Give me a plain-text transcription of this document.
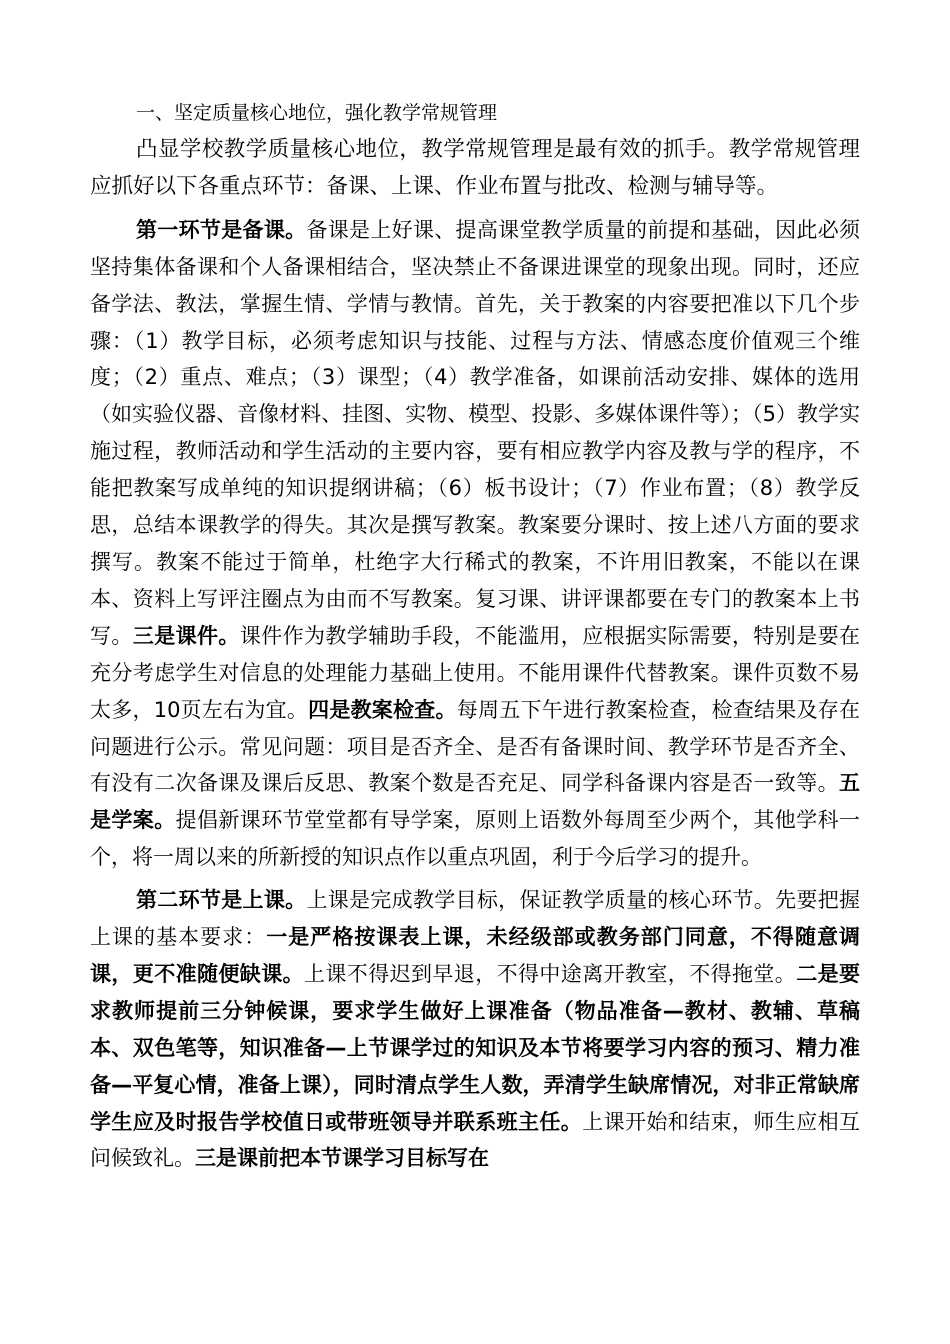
一、坚定质量核心地位，强化教学常规管理

凸显学校教学质量核心地位，教学常规管理是最有效的抓手。教学常规管理应抓好以下各重点环节：备课、上课、作业布置与批改、检测与辅导等。

第一环节是备课。备课是上好课、提高课堂教学质量的前提和基础，因此必须坚持集体备课和个人备课相结合，坚决禁止不备课进课堂的现象出现。同时，还应备学法、教法，掌握生情、学情与教情。首先，关于教案的内容要把准以下几个步骤：（1）教学目标，必须考虑知识与技能、过程与方法、情感态度价值观三个维度；（2）重点、难点；（3）课型；（4）教学准备，如课前活动安排、媒体的选用（如实验仪器、音像材料、挂图、实物、模型、投影、多媒体课件等）；（5）教学实施过程，教师活动和学生活动的主要内容，要有相应教学内容及教与学的程序，不能把教案写成单纯的知识提纲讲稿；（6）板书设计；（7）作业布置；（8）教学反思，总结本课教学的得失。其次是撰写教案。教案要分课时、按上述八方面的要求撰写。教案不能过于简单，杜绝字大行稀式的教案，不许用旧教案，不能以在课本、资料上写评注圈点为由而不写教案。复习课、讲评课都要在专门的教案本上书写。三是课件。课件作为教学辅助手段，不能滥用，应根据实际需要，特别是要在充分考虑学生对信息的处理能力基础上使用。不能用课件代替教案。课件页数不易太多，10页左右为宜。四是教案检查。每周五下午进行教案检查，检查结果及存在问题进行公示。常见问题：项目是否齐全、是否有备课时间、教学环节是否齐全、有没有二次备课及课后反思、教案个数是否充足、同学科备课内容是否一致等。五是学案。提倡新课环节堂堂都有导学案，原则上语数外每周至少两个，其他学科一个，将一周以来的所新授的知识点作以重点巩固，利于今后学习的提升。

第二环节是上课。上课是完成教学目标，保证教学质量的核心环节。先要把握上课的基本要求：一是严格按课表上课，未经级部或教务部门同意，不得随意调课，更不准随便缺课。上课不得迟到早退，不得中途离开教室，不得拖堂。二是要求教师提前三分钟候课，要求学生做好上课准备（物品准备—教材、教辅、草稿本、双色笔等，知识准备—上节课学过的知识及本节将要学习内容的预习、精力准备—平复心情，准备上课），同时清点学生人数，弄清学生缺席情况，对非正常缺席学生应及时报告学校值日或带班领导并联系班主任。上课开始和结束，师生应相互问候致礼。三是课前把本节课学习目标写在
